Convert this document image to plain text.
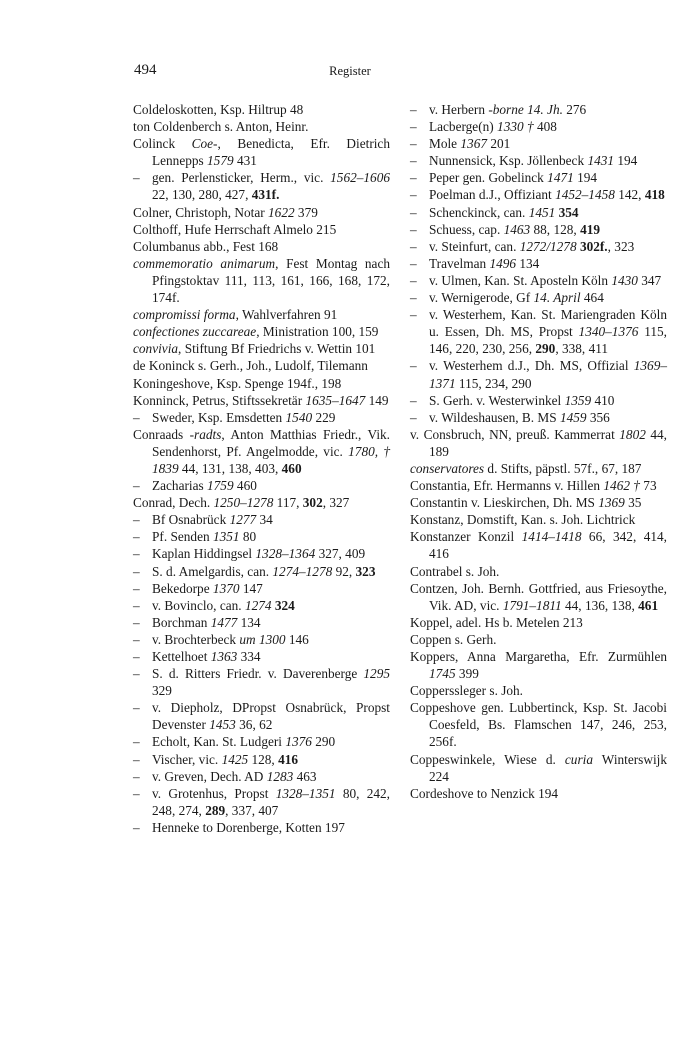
494	Register
Coldeloskotten, Ksp. Hiltrup 48
ton Coldenberch s. Anton, Heinr.
Colinck Coe-, Benedicta, Efr. Dietrich Lennepps 1579 431
– gen. Perlensticker, Herm., vic. 1562–1606 22, 130, 280, 427, 431f.
Colner, Christoph, Notar 1622 379
Colthoff, Hufe Herrschaft Almelo 215
Columbanus abb., Fest 168
commemoratio animarum, Fest Montag nach Pfingstoktav 111, 113, 161, 166, 168, 172, 174f.
compromissi forma, Wahlverfahren 91
confectiones zuccareae, Ministration 100, 159
convivia, Stiftung Bf Friedrichs v. Wettin 101
de Koninck s. Gerh., Joh., Ludolf, Tilemann
Koningeshove, Ksp. Spenge 194f., 198
Konninck, Petrus, Stiftssekretär 1635–1647 149
– Sweder, Ksp. Emsdetten 1540 229
Conraads -radts, Anton Matthias Friedr., Vik. Sendenhorst, Pf. Angelmodde, vic. 1780, † 1839 44, 131, 138, 403, 460
– Zacharias 1759 460
Conrad, Dech. 1250–1278 117, 302, 327
– Bf Osnabrück 1277 34
– Pf. Senden 1351 80
– Kaplan Hiddingsel 1328–1364 327, 409
– S. d. Amelgardis, can. 1274–1278 92, 323
– Bekedorpe 1370 147
– v. Bovinclo, can. 1274 324
– Borchman 1477 134
– v. Brochterbeck um 1300 146
– Kettelhoet 1363 334
– S. d. Ritters Friedr. v. Daverenberge 1295 329
– v. Diepholz, DPropst Osnabrück, Propst Devenster 1453 36, 62
– Echolt, Kan. St. Ludgeri 1376 290
– Vischer, vic. 1425 128, 416
– v. Greven, Dech. AD 1283 463
– v. Grotenhus, Propst 1328–1351 80, 242, 248, 274, 289, 337, 407
– Henneke to Dorenberge, Kotten 197
– v. Herbern -borne 14. Jh. 276
– Lacberge(n) 1330 † 408
– Mole 1367 201
– Nunnensick, Ksp. Jöllenbeck 1431 194
– Peper gen. Gobelinck 1471 194
– Poelman d.J., Offiziant 1452–1458 142, 418
– Schenckinck, can. 1451 354
– Schuess, cap. 1463 88, 128, 419
– v. Steinfurt, can. 1272/1278 302f., 323
– Travelman 1496 134
– v. Ulmen, Kan. St. Aposteln Köln 1430 347
– v. Wernigerode, Gf 14. April 464
– v. Westerhem, Kan. St. Mariengraden Köln u. Essen, Dh. MS, Propst 1340–1376 115, 146, 220, 230, 256, 290, 338, 411
– v. Westerhem d.J., Dh. MS, Offizial 1369–1371 115, 234, 290
– S. Gerh. v. Westerwinkel 1359 410
– v. Wildeshausen, B. MS 1459 356
v. Consbruch, NN, preuß. Kammerrat 1802 44, 189
conservatores d. Stifts, päpstl. 57f., 67, 187
Constantia, Efr. Hermanns v. Hillen 1462 † 73
Constantin v. Lieskirchen, Dh. MS 1369 35
Konstanz, Domstift, Kan. s. Joh. Lichtrick
Konstanzer Konzil 1414–1418 66, 342, 414, 416
Contrabel s. Joh.
Contzen, Joh. Bernh. Gottfried, aus Friesoythe, Vik. AD, vic. 1791–1811 44, 136, 138, 461
Koppel, adel. Hs b. Metelen 213
Coppen s. Gerh.
Koppers, Anna Margaretha, Efr. Zurmühlen 1745 399
Copperssleger s. Joh.
Coppeshove gen. Lubbertinck, Ksp. St. Jacobi Coesfeld, Bs. Flamschen 147, 246, 253, 256f.
Coppeswinkele, Wiese d. curia Winterswijk 224
Cordeshove to Nenzick 194
